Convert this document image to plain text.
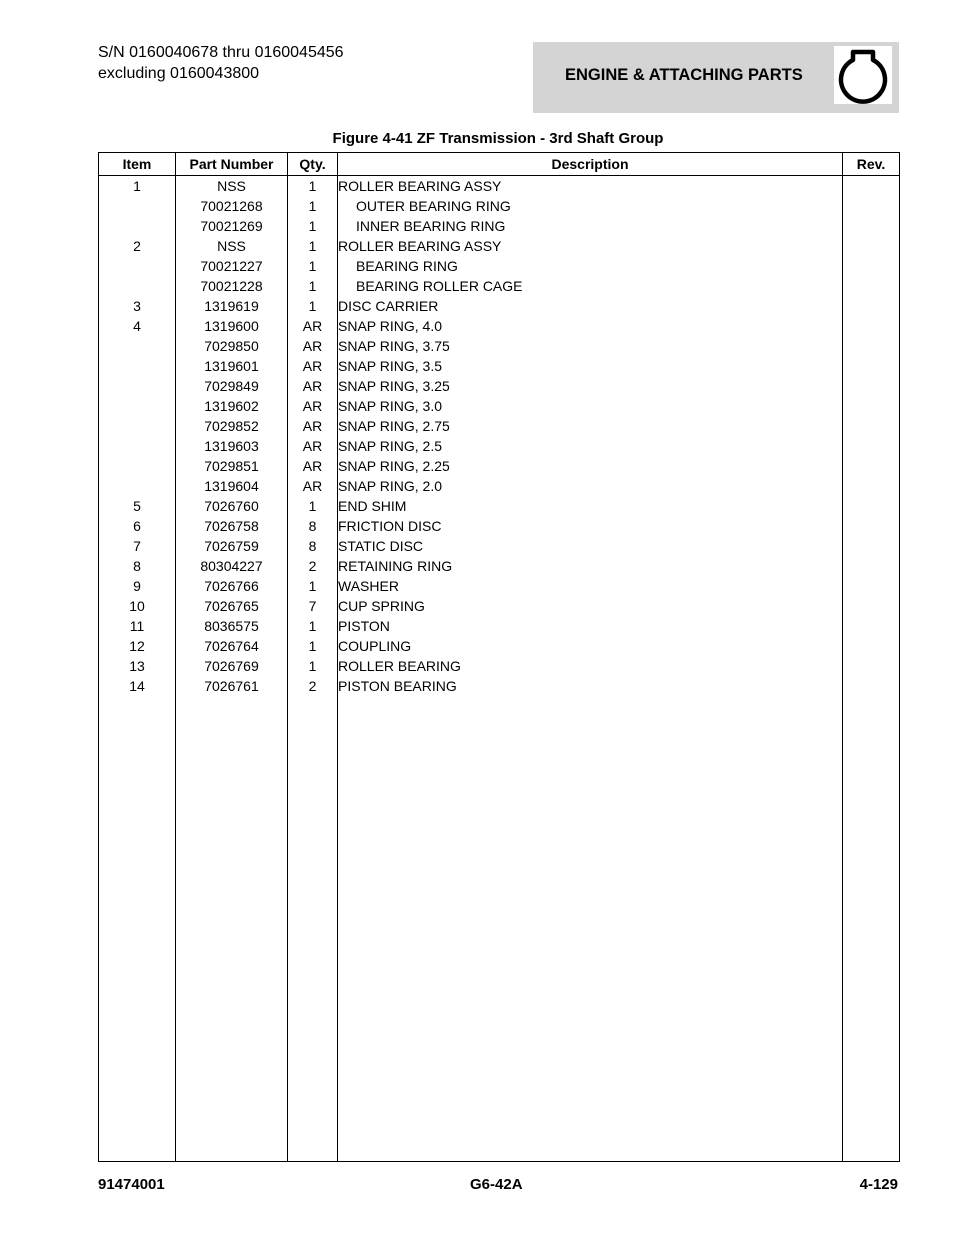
S/N 0160040678 thru 0160045456
excluding 0160043800	ENGINE & ATTACHING PARTS
Figure 4-41 ZF Transmission - 3rd Shaft Group
Item	Part Number	Qty.	Description	Rev.
1	NSS	1	ROLLER BEARING ASSY	
	70021268	1	OUTER BEARING RING	
	70021269	1	INNER BEARING RING	
2	NSS	1	ROLLER BEARING ASSY	
	70021227	1	BEARING RING	
	70021228	1	BEARING ROLLER CAGE	
3	1319619	1	DISC CARRIER	
4	1319600	AR	SNAP RING, 4.0	
	7029850	AR	SNAP RING, 3.75	
	1319601	AR	SNAP RING, 3.5	
	7029849	AR	SNAP RING, 3.25	
	1319602	AR	SNAP RING, 3.0	
	7029852	AR	SNAP RING, 2.75	
	1319603	AR	SNAP RING, 2.5	
	7029851	AR	SNAP RING, 2.25	
	1319604	AR	SNAP RING, 2.0	
5	7026760	1	END SHIM	
6	7026758	8	FRICTION DISC	
7	7026759	8	STATIC DISC	
8	80304227	2	RETAINING RING	
9	7026766	1	WASHER	
10	7026765	7	CUP SPRING	
11	8036575	1	PISTON	
12	7026764	1	COUPLING	
13	7026769	1	ROLLER BEARING	
14	7026761	2	PISTON BEARING	

91474001	G6-42A	4-129
